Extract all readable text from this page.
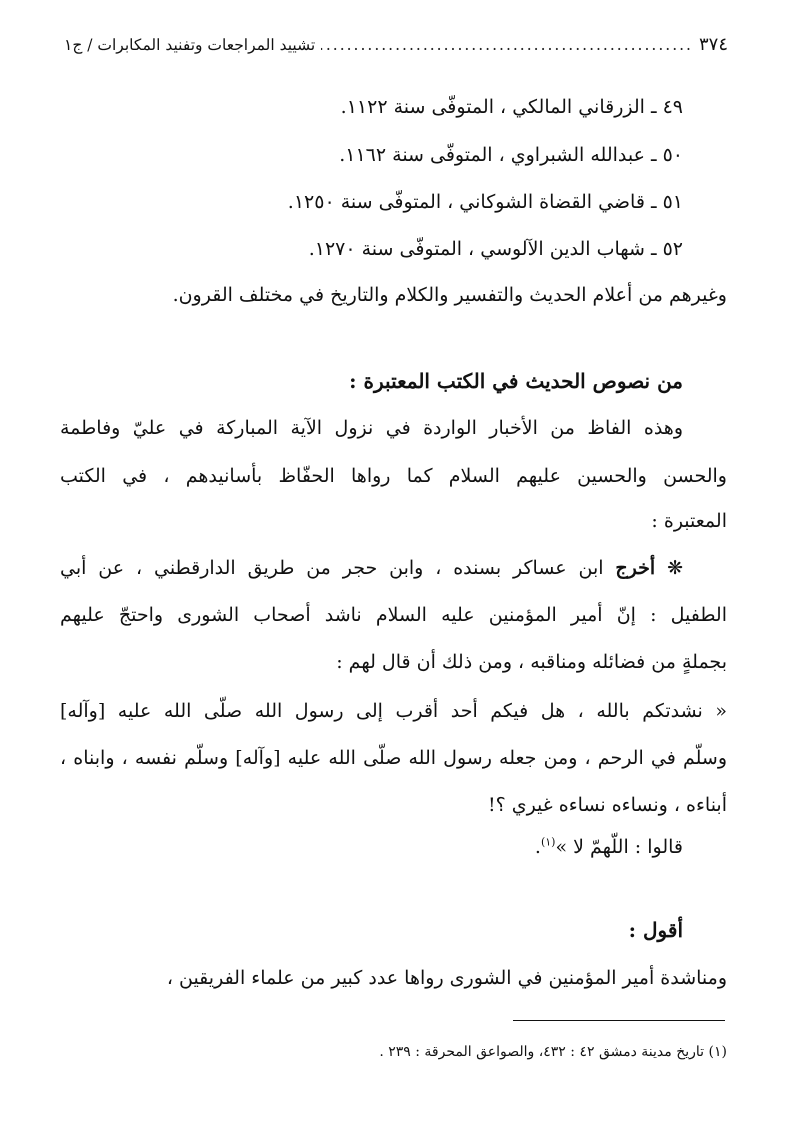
٣٧٤
.....
تشييد المراجعات وتفنيد المكابرات / ج١
٤٩ ـ الزرقاني المالكي ، المتوفّى سنة ١١٢٢.
٥٠ ـ عبدالله الشبراوي ، المتوفّى سنة ١١٦٢.
٥١ ـ قاضي القضاة الشوكاني ، المتوفّى سنة ١٢٥٠.
٥٢ ـ شهاب الدين الآلوسي ، المتوفّى سنة ١٢٧٠.
وغيرهم من أعلام الحديث والتفسير والكلام والتاريخ في مختلف القرون.
من نصوص الحديث في الكتب المعتبرة :
وهذه الفاظ من الأخبار الواردة في نزول الآية المباركة في عليّ وفاطمة
والحسن والحسين عليهم السلام كما رواها الحفّاظ بأسانيدهم ، في الكتب
المعتبرة :
❋ أخرج ابن عساكر بسنده ، وابن حجر من طريق الدارقطني ، عن أبي
الطفيل : إنّ أمير المؤمنين عليه السلام ناشد أصحاب الشورى واحتجّ عليهم
بجملةٍ من فضائله ومناقبه ، ومن ذلك أن قال لهم :
« نشدتكم بالله ، هل فيكم أحد أقرب إلى رسول الله صلّى الله عليه [وآله]
وسلّم في الرحم ، ومن جعله رسول الله صلّى الله عليه [وآله] وسلّم نفسه ، وابناه ،
أبناءه ، ونساءه نساءه غيري ؟!
قالوا : اللّهمّ لا »$^{(١)}$.
أقول :
ومناشدة أمير المؤمنين في الشورى رواها عدد كبير من علماء الفريقين ،
(١) تاريخ مدينة دمشق ٤٢ : ٤٣٢، والصواعق المحرقة : ٢٣٩ .
